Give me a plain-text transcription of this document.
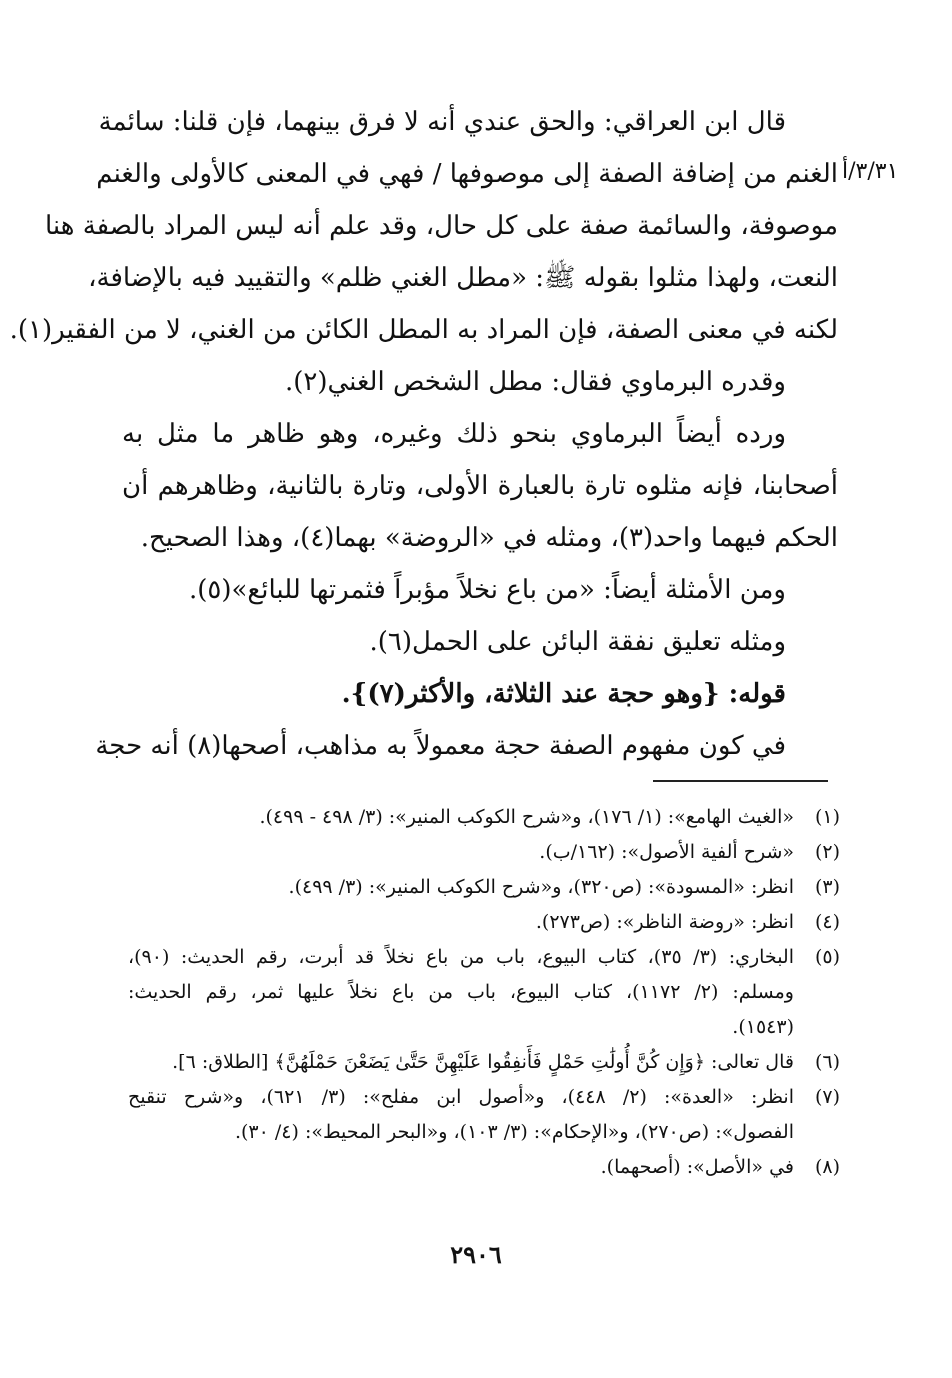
٣/٣١/أ
قال ابن العراقي: والحق عندي أنه لا فرق بينهما، فإن قلنا: سائمة
الغنم من إضافة الصفة إلى موصوفها / فهي في المعنى كالأولى والغنم
موصوفة، والسائمة صفة على كل حال، وقد علم أنه ليس المراد بالصفة هنا
النعت، ولهذا مثلوا بقوله ﷺ: «مطل الغني ظلم» والتقييد فيه بالإضافة،
لكنه في معنى الصفة، فإن المراد به المطل الكائن من الغني، لا من الفقير(١).
وقدره البرماوي فقال: مطل الشخص الغني(٢).
ورده أيضاً البرماوي بنحو ذلك وغيره، وهو ظاهر ما مثل به
أصحابنا، فإنه مثلوه تارة بالعبارة الأولى، وتارة بالثانية، وظاهرهم أن
الحكم فيهما واحد(٣)، ومثله في «الروضة» بهما(٤)، وهذا الصحيح.
ومن الأمثلة أيضاً: «من باع نخلاً مؤبراً فثمرتها للبائع»(٥).
ومثله تعليق نفقة البائن على الحمل(٦).
قوله: {وهو حجة عند الثلاثة، والأكثر(٧)}.
في كون مفهوم الصفة حجة معمولاً به مذاهب، أصحها(٨) أنه حجة
(١)
«الغيث الهامع»: (١/ ١٧٦)، و«شرح الكوكب المنير»: (٣/ ٤٩٨ - ٤٩٩).
(٢)
«شرح ألفية الأصول»: (١٦٢/ب).
(٣)
انظر: «المسودة»: (ص٣٢٠)، و«شرح الكوكب المنير»: (٣/ ٤٩٩).
(٤)
انظر: «روضة الناظر»: (ص٢٧٣).
(٥)
البخاري: (٣/ ٣٥)، كتاب البيوع، باب من باع نخلاً قد أبرت، رقم الحديث: (٩٠)،
ومسلم: (٢/ ١١٧٢)، كتاب البيوع، باب من باع نخلاً عليها ثمر، رقم الحديث:
(١٥٤٣).
(٦)
قال تعالى: ﴿وَإِن كُنَّ أُولَٰتِ حَمْلٍ فَأَنفِقُوا عَلَيْهِنَّ حَتَّىٰ يَضَعْنَ حَمْلَهُنَّ﴾ [الطلاق: ٦].
(٧)
انظر: «العدة»: (٢/ ٤٤٨)، و«أصول ابن مفلح»: (٣/ ٦٢١)، و«شرح تنقيح
الفصول»: (ص٢٧٠)، و«الإحكام»: (٣/ ١٠٣)، و«البحر المحيط»: (٤/ ٣٠).
(٨)
في «الأصل»: (أصحهما).
٢٩٠٦
